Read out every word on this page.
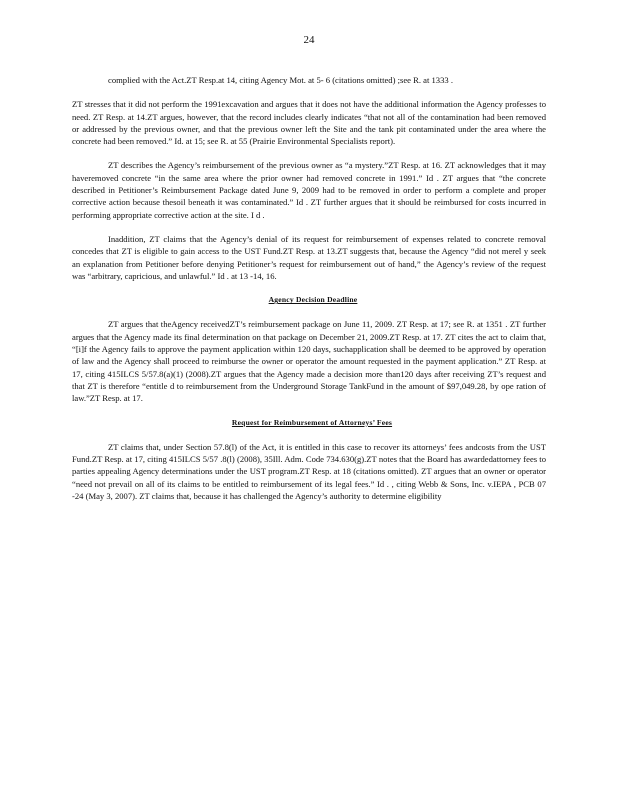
24

complied with the Act.ZT Resp.at 14, citing Agency Mot. at 5- 6 (citations omitted) ;see R. at 1333 .

ZT stresses that it did not perform the 1991excavation and argues that it does not have the additional information the Agency professes to need. ZT Resp. at 14.ZT argues, however, that the record includes clearly indicates “that not all of the contamination had been removed or addressed by the previous owner, and that the previous owner left the Site and the tank pit contaminated under the area where the concrete had been removed.” Id. at 15; see R. at 55 (Prairie Environmental Specialists report).

ZT describes the Agency’s reimbursement of the previous owner as “a mystery.”ZT Resp. at 16. ZT acknowledges that it may haveremoved concrete “in the same area where the prior owner had removed concrete in 1991.” Id . ZT argues that “the concrete described in Petitioner’s Reimbursement Package dated June 9, 2009 had to be removed in order to perform a complete and proper corrective action because thesoil beneath it was contaminated.” Id . ZT further argues that it should be reimbursed for costs incurred in performing appropriate corrective action at the site. I d .

Inaddition, ZT claims that the Agency’s denial of its request for reimbursement of expenses related to concrete removal concedes that ZT is eligible to gain access to the UST Fund.ZT Resp. at 13.ZT suggests that, because the Agency “did not merel y seek an explanation from Petitioner before denying Petitioner’s request for reimbursement out of hand,” the Agency’s review of the request was “arbitrary, capricious, and unlawful.” Id . at 13 -14, 16.

Agency Decision Deadline

ZT argues that theAgency receivedZT’s reimbursement package on June 11, 2009. ZT Resp. at 17; see R. at 1351 . ZT further argues that the Agency made its final determination on that package on December 21, 2009.ZT Resp. at 17. ZT cites the act to claim that, “[i]f the Agency fails to approve the payment application within 120 days, suchapplication shall be deemed to be approved by operation of law and the Agency shall proceed to reimburse the owner or operator the amount requested in the payment application.” ZT Resp. at 17, citing 415ILCS 5/57.8(a)(1) (2008).ZT argues that the Agency made a decision more than120 days after receiving ZT’s request and that ZT is therefore “entitle d to reimbursement from the Underground Storage TankFund in the amount of $97,049.28, by ope ration of law.”ZT Resp. at 17.

Request for Reimbursement of Attorneys’ Fees

ZT claims that, under Section 57.8(l) of the Act, it is entitled in this case to recover its attorneys’ fees andcosts from the UST Fund.ZT Resp. at 17, citing 415ILCS 5/57 .8(l) (2008), 35Ill. Adm. Code 734.630(g).ZT notes that the Board has awardedattorney fees to parties appealing Agency determinations under the UST program.ZT Resp. at 18 (citations omitted). ZT argues that an owner or operator “need not prevail on all of its claims to be entitled to reimbursement of its legal fees.” Id . , citing Webb & Sons, Inc. v.IEPA , PCB 07 -24 (May 3, 2007). ZT claims that, because it has challenged the Agency’s authority to determine eligibility
